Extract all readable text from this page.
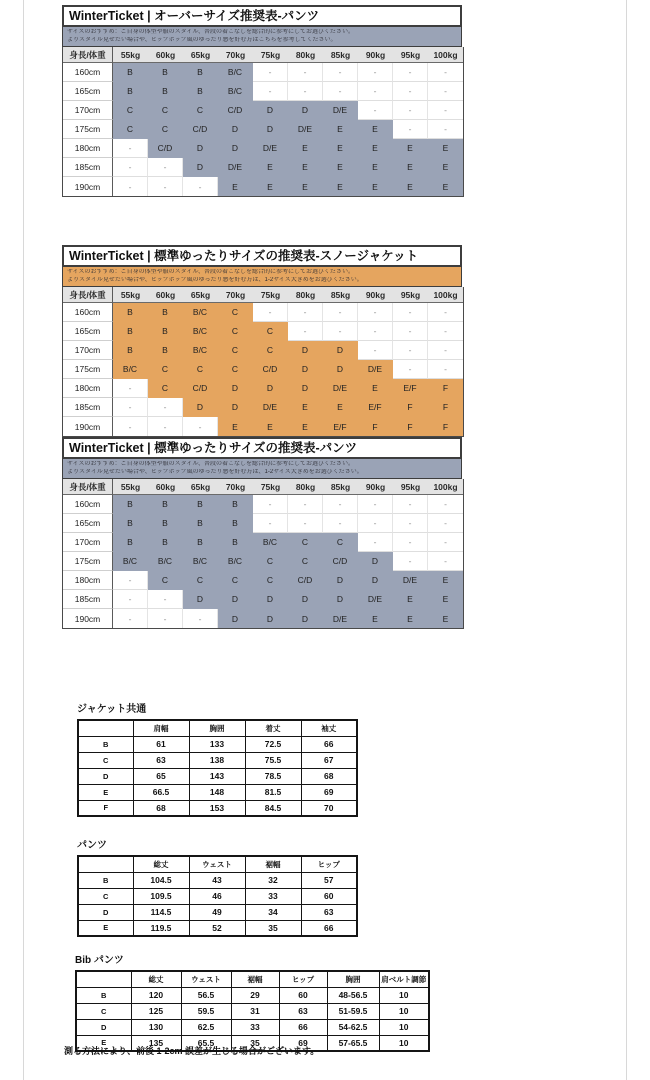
WinterTicket | オーバーサイズ推奨表-パンツ
サイズのおすすめ：ご自身の体型や服のスタイル、普段の着こなしを総合的に参考にしてお選びください。
よりスタイル見せたい場合や、ヒップホップ風のゆったり感を好む方はこちらを参考してください。
身長/体重	55kg	60kg	65kg	70kg	75kg	80kg	85kg	90kg	95kg	100kg
160cm	B	B	B	B/C	-	-	-	-	-	-
165cm	B	B	B	B/C	-	-	-	-	-	-
170cm	C	C	C	C/D	D	D	D/E	-	-	-
175cm	C	C	C/D	D	D	D/E	E	E	-	-
180cm	-	C/D	D	D	D/E	E	E	E	E	E
185cm	-	-	D	D/E	E	E	E	E	E	E
190cm	-	-	-	E	E	E	E	E	E	E
WinterTicket | 標準ゆったりサイズの推奨表-スノージャケット
サイズのおすすめ：ご自身の体型や服のスタイル、普段の着こなしを総合的に参考にしてお選びください。
よりスタイル見せたい場合や、ヒップホップ風のゆったり感を好む方は、1-2サイズ大きめをお選びください。
身長/体重	55kg	60kg	65kg	70kg	75kg	80kg	85kg	90kg	95kg	100kg
160cm	B	B	B/C	C	-	-	-	-	-	-
165cm	B	B	B/C	C	C	-	-	-	-	-
170cm	B	B	B/C	C	C	D	D	-	-	-
175cm	B/C	C	C	C	C/D	D	D	D/E	-	-
180cm	-	C	C/D	D	D	D	D/E	E	E/F	F
185cm	-	-	D	D	D/E	E	E	E/F	F	F
190cm	-	-	-	E	E	E	E/F	F	F	F
WinterTicket | 標準ゆったりサイズの推奨表-パンツ
サイズのおすすめ：ご自身の体型や服のスタイル、普段の着こなしを総合的に参考にしてお選びください。
よりスタイル見せたい場合や、ヒップホップ風のゆったり感を好む方は、1-2サイズ大きめをお選びください。
身長/体重	55kg	60kg	65kg	70kg	75kg	80kg	85kg	90kg	95kg	100kg
160cm	B	B	B	B	-	-	-	-	-	-
165cm	B	B	B	B	-	-	-	-	-	-
170cm	B	B	B	B	B/C	C	C	-	-	-
175cm	B/C	B/C	B/C	B/C	C	C	C/D	D	-	-
180cm	-	C	C	C	C	C/D	D	D	D/E	E
185cm	-	-	D	D	D	D	D	D/E	E	E
190cm	-	-	-	D	D	D	D/E	E	E	E
ジャケット共通
	肩幅	胸囲	着丈	袖丈
B	61	133	72.5	66
C	63	138	75.5	67
D	65	143	78.5	68
E	66.5	148	81.5	69
F	68	153	84.5	70
パンツ
	総丈	ウェスト	裾幅	ヒップ
B	104.5	43	32	57
C	109.5	46	33	60
D	114.5	49	34	63
E	119.5	52	35	66
Bib パンツ
	総丈	ウェスト	裾幅	ヒップ	胸囲	肩ベルト調節
B	120	56.5	29	60	48-56.5	10
C	125	59.5	31	63	51-59.5	10
D	130	62.5	33	66	54-62.5	10
E	135	65.5	35	69	57-65.5	10
測る方法により、前後 1-2cm 誤差が生じる場合がございます。
